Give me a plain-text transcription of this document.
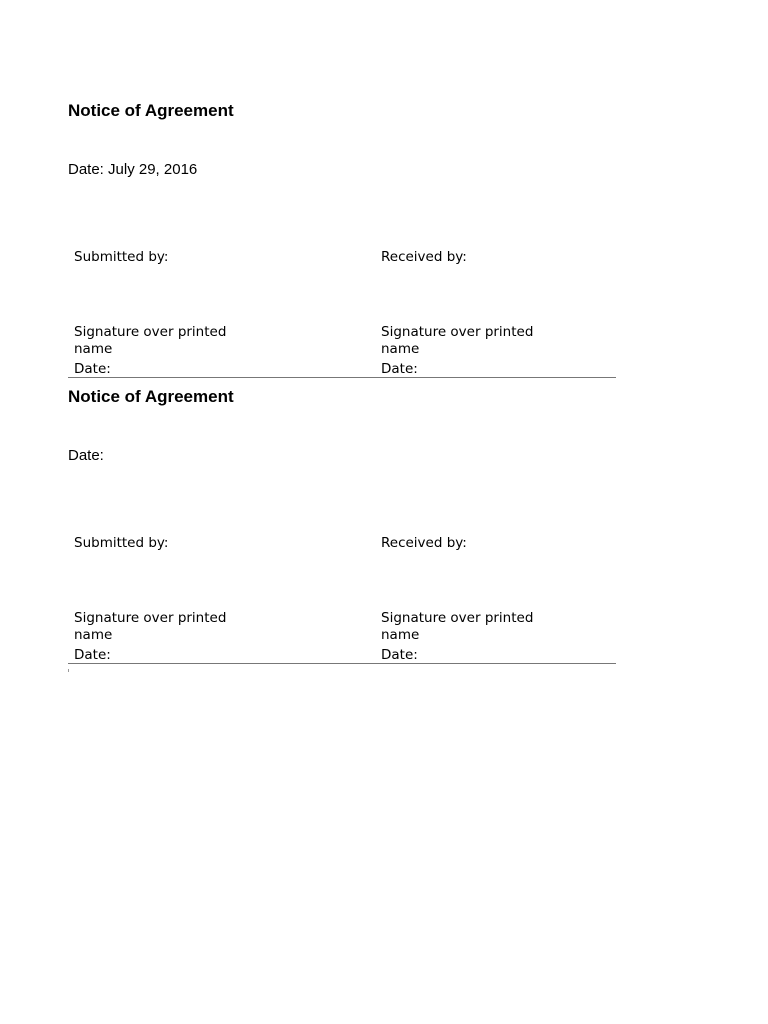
Notice of Agreement
Date: July 29, 2016
Submitted by:
Signature over printed name
Date:
Received by:
Signature over printed name
Date:
Notice of Agreement
Date:
Submitted by:
Signature over printed name
Date:
Received by:
Signature over printed name
Date:
